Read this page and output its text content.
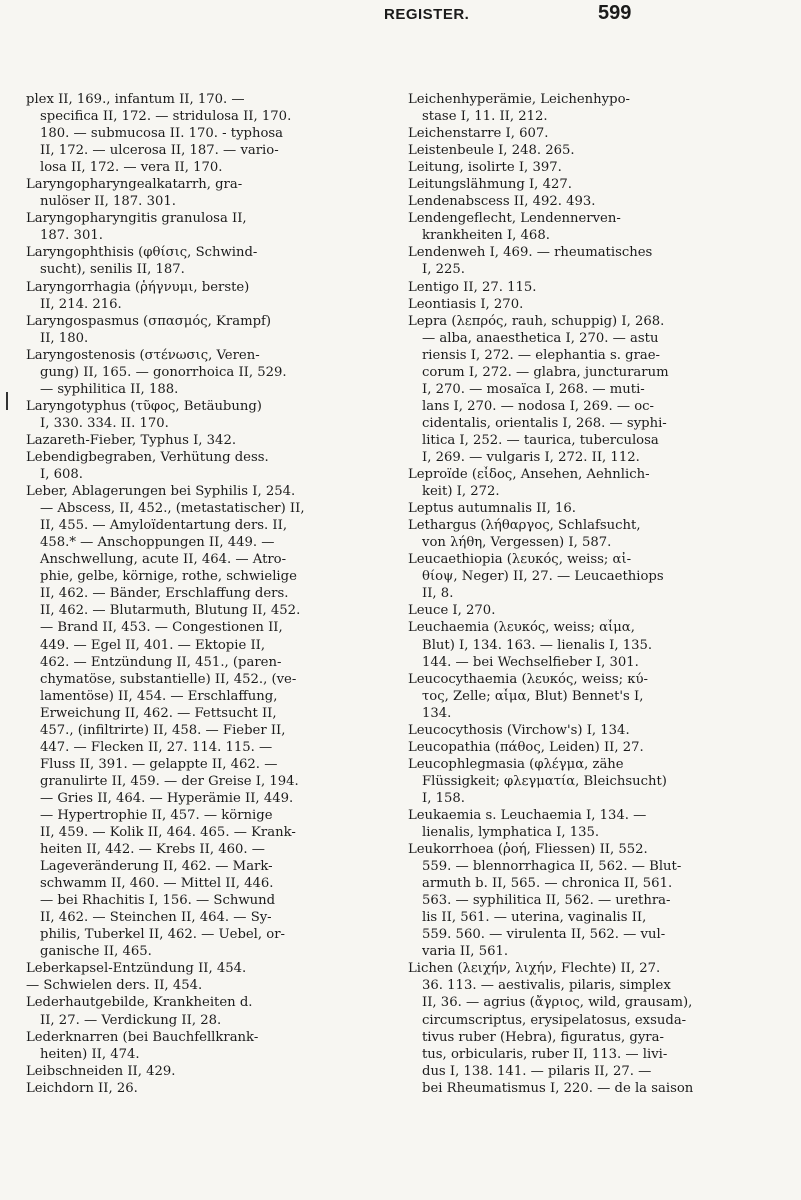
REGISTER.	599
plex II, 169., infantum II, 170. —
specifica II, 172. — stridulosa II, 170.
180. — submucosa II. 170. - typhosa
II, 172. — ulcerosa II, 187. — vario-
losa II, 172. — vera II, 170.
Laryngopharyngealkatarrh, gra-
nulöser II, 187. 301.
Laryngopharyngitis granulosa II,
187. 301.
Laryngophthisis (φθίσις, Schwind-
sucht), senilis II, 187.
Laryngorrhagia (ῥήγνυμι, berste)
II, 214. 216.
Laryngospasmus (σπασμός, Krampf)
II, 180.
Laryngostenosis (στένωσις, Veren-
gung) II, 165. — gonorrhoica II, 529.
— syphilitica II, 188.
Laryngotyphus (τῦφος, Betäubung)
I, 330. 334. II. 170.
Lazareth-Fieber, Typhus I, 342.
Lebendigbegraben, Verhütung dess.
I, 608.
Leber, Ablagerungen bei Syphilis I, 254.
— Abscess, II, 452., (metastatischer) II,
II, 455. — Amyloïdentartung ders. II,
458.* — Anschoppungen II, 449. —
Anschwellung, acute II, 464. — Atro-
phie, gelbe, körnige, rothe, schwielige
II, 462. — Bänder, Erschlaffung ders.
II, 462. — Blutarmuth, Blutung II, 452.
— Brand II, 453. — Congestionen II,
449. — Egel II, 401. — Ektopie II,
462. — Entzündung II, 451., (paren-
chymatöse, substantielle) II, 452., (ve-
lamentöse) II, 454. — Erschlaffung,
Erweichung II, 462. — Fettsucht II,
457., (infiltrirte) II, 458. — Fieber II,
447. — Flecken II, 27. 114. 115. —
Fluss II, 391. — gelappte II, 462. —
granulirte II, 459. — der Greise I, 194.
— Gries II, 464. — Hyperämie II, 449.
— Hypertrophie II, 457. — körnige
II, 459. — Kolik II, 464. 465. — Krank-
heiten II, 442. — Krebs II, 460. —
Lageveränderung II, 462. — Mark-
schwamm II, 460. — Mittel II, 446.
— bei Rhachitis I, 156. — Schwund
II, 462. — Steinchen II, 464. — Sy-
philis, Tuberkel II, 462. — Uebel, or-
ganische II, 465.
Leberkapsel-Entzündung II, 454.
— Schwielen ders. II, 454.
Lederhautgebilde, Krankheiten d.
II, 27. — Verdickung II, 28.
Lederknarren (bei Bauchfellkrank-
heiten) II, 474.
Leibschneiden II, 429.
Leichdorn II, 26.
Leichenhyperämie, Leichenhypo-
stase I, 11. II, 212.
Leichenstarre I, 607.
Leistenbeule I, 248. 265.
Leitung, isolirte I, 397.
Leitungslähmung I, 427.
Lendenabscess II, 492. 493.
Lendengeflecht, Lendennerven-
krankheiten I, 468.
Lendenweh I, 469. — rheumatisches
I, 225.
Lentigo II, 27. 115.
Leontiasis I, 270.
Lepra (λεπρός, rauh, schuppig) I, 268.
— alba, anaesthetica I, 270. — astu
riensis I, 272. — elephantia s. grae-
corum I, 272. — glabra, juncturarum
I, 270. — mosaïca I, 268. — muti-
lans I, 270. — nodosa I, 269. — oc-
cidentalis, orientalis I, 268. — syphi-
litica I, 252. — taurica, tuberculosa
I, 269. — vulgaris I, 272. II, 112.
Leproïde (εἶδος, Ansehen, Aehnlich-
keit) I, 272.
Leptus autumnalis II, 16.
Lethargus (λήθαργος, Schlafsucht,
von λήθη, Vergessen) I, 587.
Leucaethiopia (λευκός, weiss; αἰ-
θίοψ, Neger) II, 27. — Leucaethiops
II, 8.
Leuce I, 270.
Leuchaemia (λευκός, weiss; αἷμα,
Blut) I, 134. 163. — lienalis I, 135.
144. — bei Wechselfieber I, 301.
Leucocythaemia (λευκός, weiss; κύ-
τος, Zelle; αἷμα, Blut) Bennet's I,
134.
Leucocythosis (Virchow's) I, 134.
Leucopathia (πάθος, Leiden) II, 27.
Leucophlegmasia (φλέγμα, zähe
Flüssigkeit; φλεγματία, Bleichsucht)
I, 158.
Leukaemia s. Leuchaemia I, 134. —
lienalis, lymphatica I, 135.
Leukorrhoea (ῥοή, Fliessen) II, 552.
559. — blennorrhagica II, 562. — Blut-
armuth b. II, 565. — chronica II, 561.
563. — syphilitica II, 562. — urethra-
lis II, 561. — uterina, vaginalis II,
559. 560. — virulenta II, 562. — vul-
varia II, 561.
Lichen (λειχήν, λιχήν, Flechte) II, 27.
36. 113. — aestivalis, pilaris, simplex
II, 36. — agrius (ἄγριος, wild, grausam),
circumscriptus, erysipelatosus, exsuda-
tivus ruber (Hebra), figuratus, gyra-
tus, orbicularis, ruber II, 113. — livi-
dus I, 138. 141. — pilaris II, 27. —
bei Rheumatismus I, 220. — de la saison
